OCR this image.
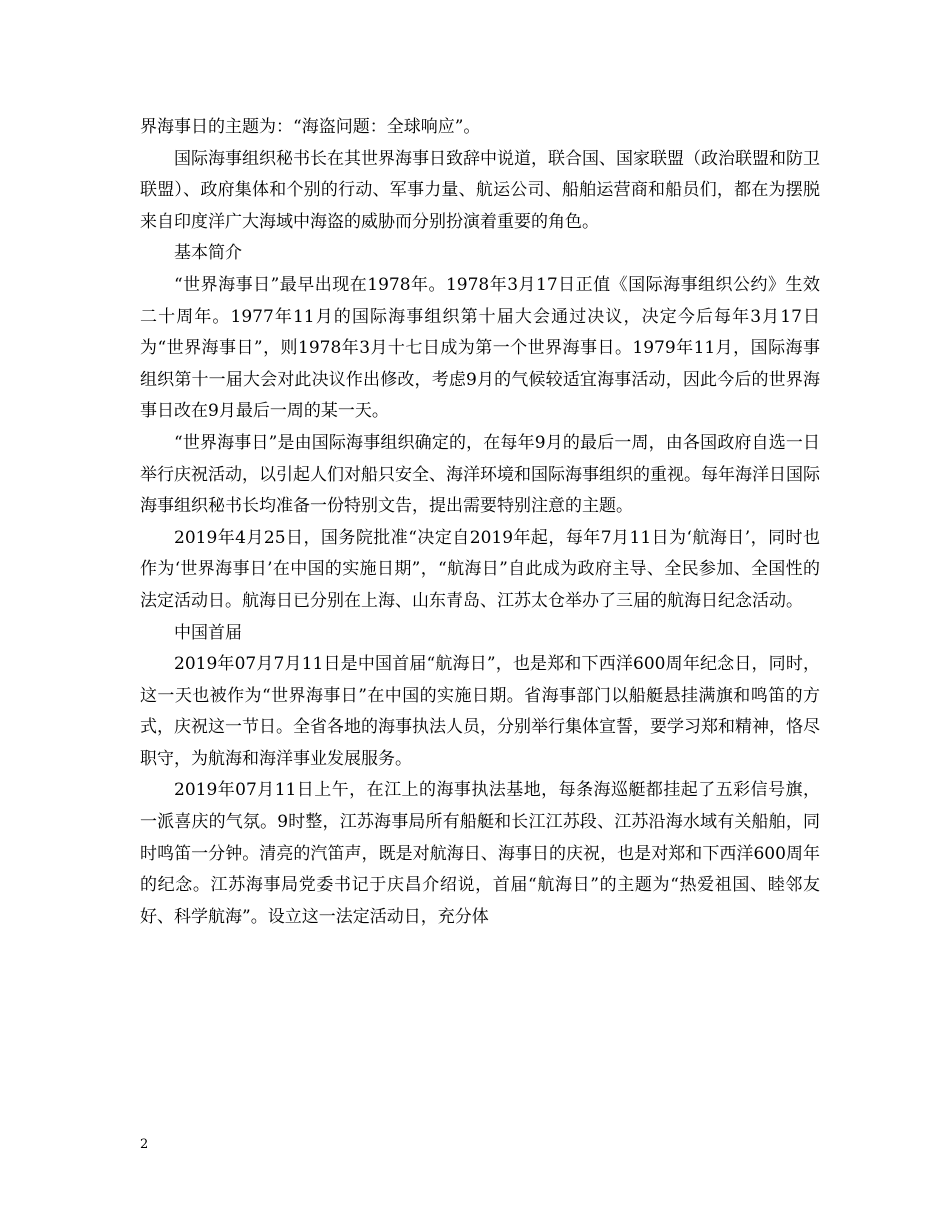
界海事日的主题为：“海盗问题：全球响应”。

国际海事组织秘书长在其世界海事日致辞中说道，联合国、国家联盟（政治联盟和防卫联盟）、政府集体和个别的行动、军事力量、航运公司、船舶运营商和船员们，都在为摆脱来自印度洋广大海域中海盗的威胁而分别扮演着重要的角色。

基本简介

“世界海事日”最早出现在1978年。1978年3月17日正值《国际海事组织公约》生效二十周年。1977年11月的国际海事组织第十届大会通过决议，决定今后每年3月17日为“世界海事日”，则1978年3月十七日成为第一个世界海事日。1979年11月，国际海事组织第十一届大会对此决议作出修改，考虑9月的气候较适宜海事活动，因此今后的世界海事日改在9月最后一周的某一天。

“世界海事日”是由国际海事组织确定的，在每年9月的最后一周，由各国政府自选一日举行庆祝活动，以引起人们对船只安全、海洋环境和国际海事组织的重视。每年海洋日国际海事组织秘书长均准备一份特别文告，提出需要特别注意的主题。

2019年4月25日，国务院批准“决定自2019年起，每年7月11日为‘航海日’，同时也作为‘世界海事日’在中国的实施日期”，“航海日”自此成为政府主导、全民参加、全国性的法定活动日。航海日已分别在上海、山东青岛、江苏太仓举办了三届的航海日纪念活动。

中国首届

2019年07月7月11日是中国首届“航海日”，也是郑和下西洋600周年纪念日，同时，这一天也被作为“世界海事日”在中国的实施日期。省海事部门以船艇悬挂满旗和鸣笛的方式，庆祝这一节日。全省各地的海事执法人员，分别举行集体宣誓，要学习郑和精神，恪尽职守，为航海和海洋事业发展服务。

2019年07月11日上午，在江上的海事执法基地，每条海巡艇都挂起了五彩信号旗，一派喜庆的气氛。9时整，江苏海事局所有船艇和长江江苏段、江苏沿海水域有关船舶，同时鸣笛一分钟。清亮的汽笛声，既是对航海日、海事日的庆祝，也是对郑和下西洋600周年的纪念。江苏海事局党委书记于庆昌介绍说，首届“航海日”的主题为“热爱祖国、睦邻友好、科学航海”。设立这一法定活动日，充分体

2
